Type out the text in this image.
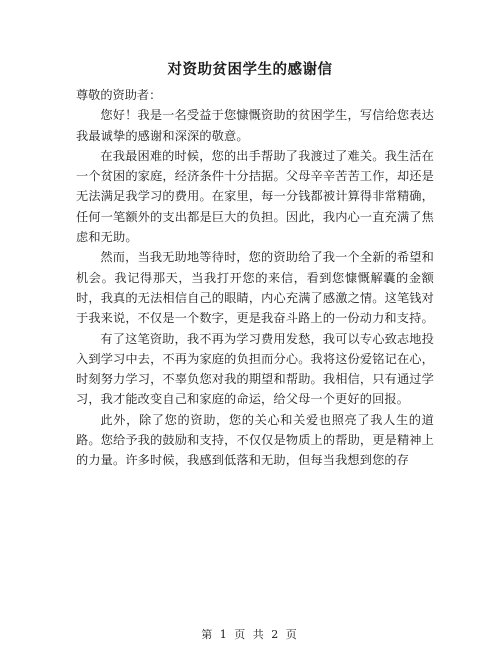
对资助贫困学生的感谢信

尊敬的资助者：

您好！我是一名受益于您慷慨资助的贫困学生，写信给您表达我最诚挚的感谢和深深的敬意。

在我最困难的时候，您的出手帮助了我渡过了难关。我生活在一个贫困的家庭，经济条件十分拮据。父母辛辛苦苦工作，却还是无法满足我学习的费用。在家里，每一分钱都被计算得非常精确，任何一笔额外的支出都是巨大的负担。因此，我内心一直充满了焦虑和无助。

然而，当我无助地等待时，您的资助给了我一个全新的希望和机会。我记得那天，当我打开您的来信，看到您慷慨解囊的金额时，我真的无法相信自己的眼睛，内心充满了感激之情。这笔钱对于我来说，不仅是一个数字，更是我奋斗路上的一份动力和支持。

有了这笔资助，我不再为学习费用发愁，我可以专心致志地投入到学习中去，不再为家庭的负担而分心。我将这份爱铭记在心，时刻努力学习，不辜负您对我的期望和帮助。我相信，只有通过学习，我才能改变自己和家庭的命运，给父母一个更好的回报。

此外，除了您的资助，您的关心和关爱也照亮了我人生的道路。您给予我的鼓励和支持，不仅仅是物质上的帮助，更是精神上的力量。许多时候，我感到低落和无助，但每当我想到您的存

第 1 页 共 2 页
